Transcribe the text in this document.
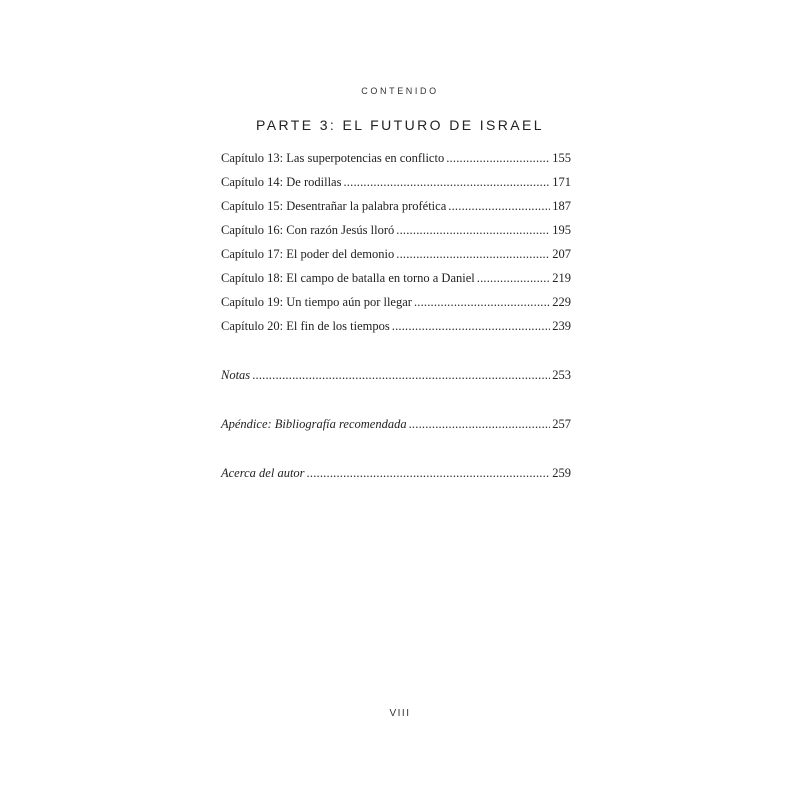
CONTENIDO
PARTE 3: EL FUTURO DE ISRAEL
Capítulo 13: Las superpotencias en conflicto .....	155
Capítulo 14: De rodillas .....	171
Capítulo 15: Desentrañar la palabra profética .....	187
Capítulo 16: Con razón Jesús lloró .....	195
Capítulo 17: El poder del demonio .....	207
Capítulo 18: El campo de batalla en torno a Daniel .....	219
Capítulo 19: Un tiempo aún por llegar .....	229
Capítulo 20: El fin de los tiempos .....	239
Notas .....	253
Apéndice: Bibliografía recomendada .....	257
Acerca del autor .....	259
VIII
